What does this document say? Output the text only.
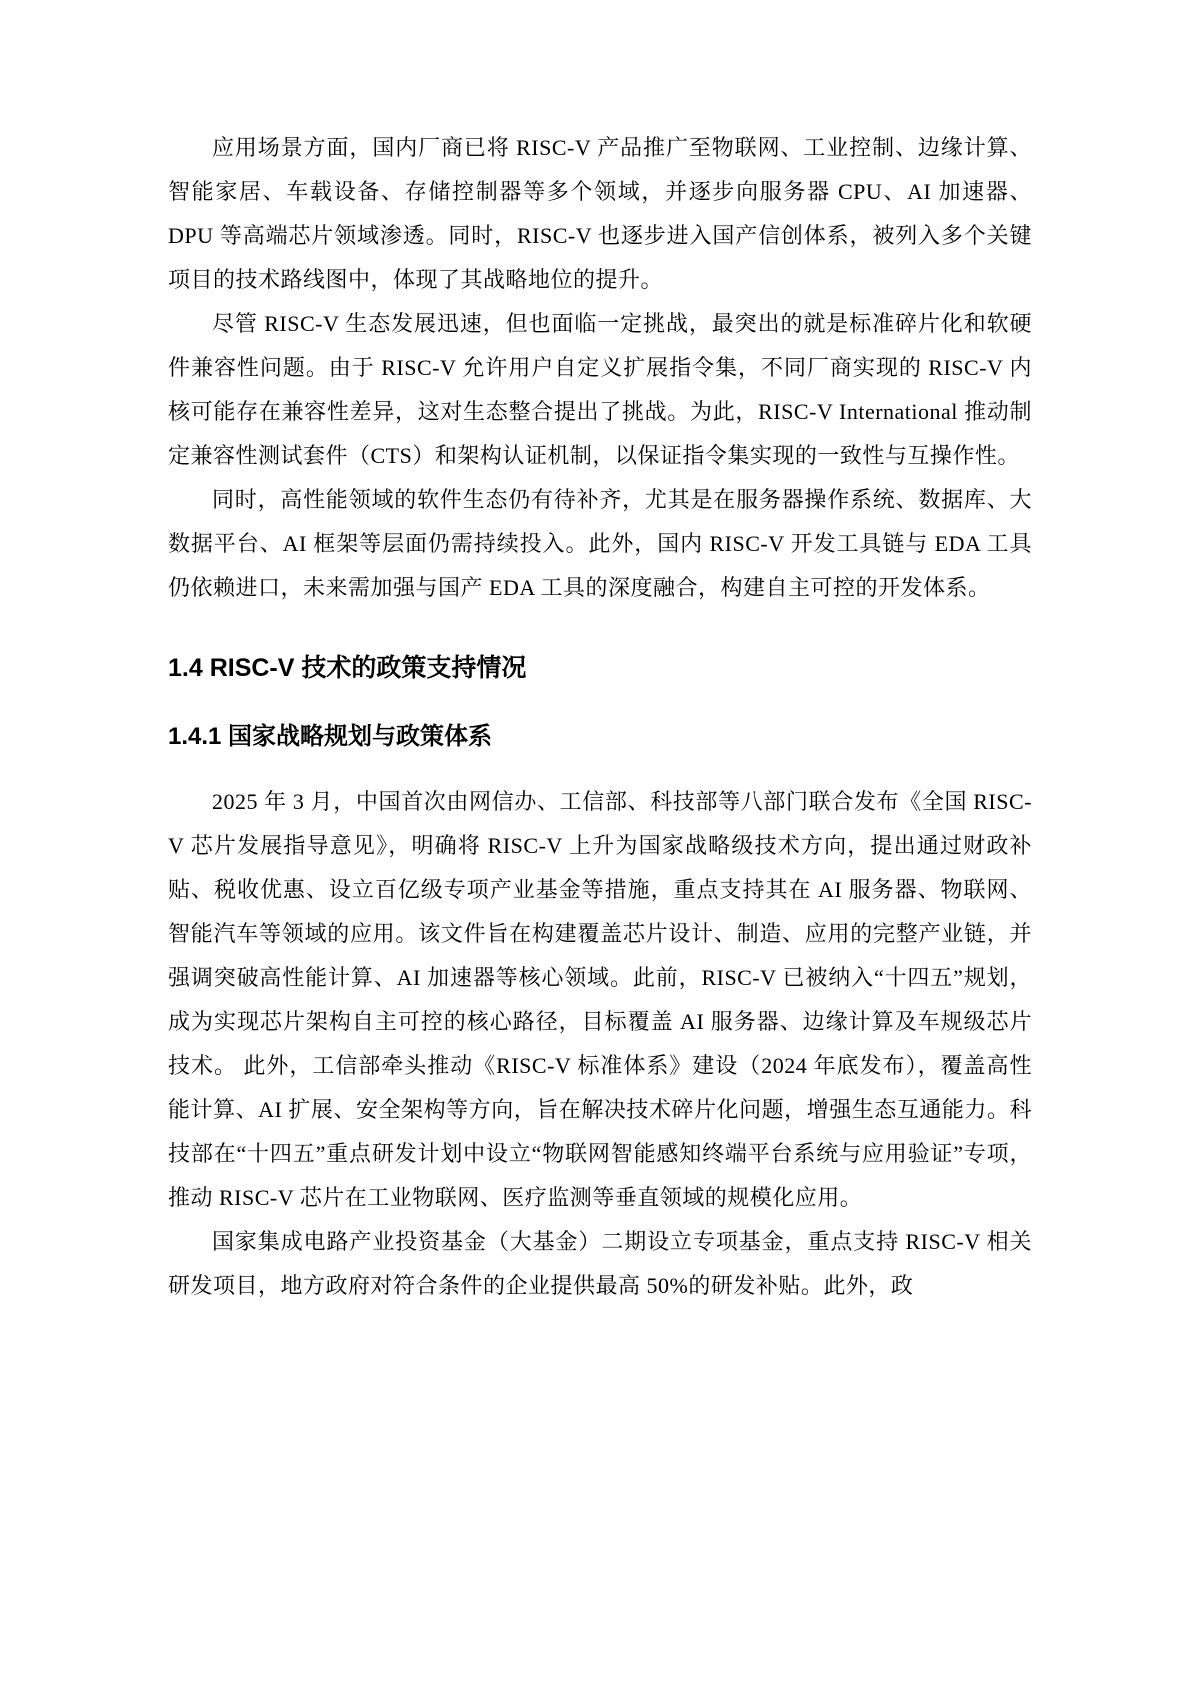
应用场景方面，国内厂商已将 RISC-V 产品推广至物联网、工业控制、边缘计算、智能家居、车载设备、存储控制器等多个领域，并逐步向服务器 CPU、AI 加速器、DPU 等高端芯片领域渗透。同时，RISC-V 也逐步进入国产信创体系，被列入多个关键项目的技术路线图中，体现了其战略地位的提升。

尽管 RISC-V 生态发展迅速，但也面临一定挑战，最突出的就是标准碎片化和软硬件兼容性问题。由于 RISC-V 允许用户自定义扩展指令集，不同厂商实现的 RISC-V 内核可能存在兼容性差异，这对生态整合提出了挑战。为此，RISC-V International 推动制定兼容性测试套件（CTS）和架构认证机制，以保证指令集实现的一致性与互操作性。

同时，高性能领域的软件生态仍有待补齐，尤其是在服务器操作系统、数据库、大数据平台、AI 框架等层面仍需持续投入。此外，国内 RISC-V 开发工具链与 EDA 工具仍依赖进口，未来需加强与国产 EDA 工具的深度融合，构建自主可控的开发体系。

1.4 RISC-V 技术的政策支持情况
1.4.1 国家战略规划与政策体系

2025 年 3 月，中国首次由网信办、工信部、科技部等八部门联合发布《全国 RISC-V 芯片发展指导意见》，明确将 RISC-V 上升为国家战略级技术方向，提出通过财政补贴、税收优惠、设立百亿级专项产业基金等措施，重点支持其在 AI 服务器、物联网、智能汽车等领域的应用。该文件旨在构建覆盖芯片设计、制造、应用的完整产业链，并强调突破高性能计算、AI 加速器等核心领域。此前，RISC-V 已被纳入“十四五”规划，成为实现芯片架构自主可控的核心路径，目标覆盖 AI 服务器、边缘计算及车规级芯片技术。 此外，工信部牵头推动《RISC-V 标准体系》建设（2024 年底发布），覆盖高性能计算、AI 扩展、安全架构等方向，旨在解决技术碎片化问题，增强生态互通能力。科技部在“十四五”重点研发计划中设立“物联网智能感知终端平台系统与应用验证”专项，推动 RISC-V 芯片在工业物联网、医疗监测等垂直领域的规模化应用。

国家集成电路产业投资基金（大基金）二期设立专项基金，重点支持 RISC-V 相关研发项目，地方政府对符合条件的企业提供最高 50%的研发补贴。此外，政
